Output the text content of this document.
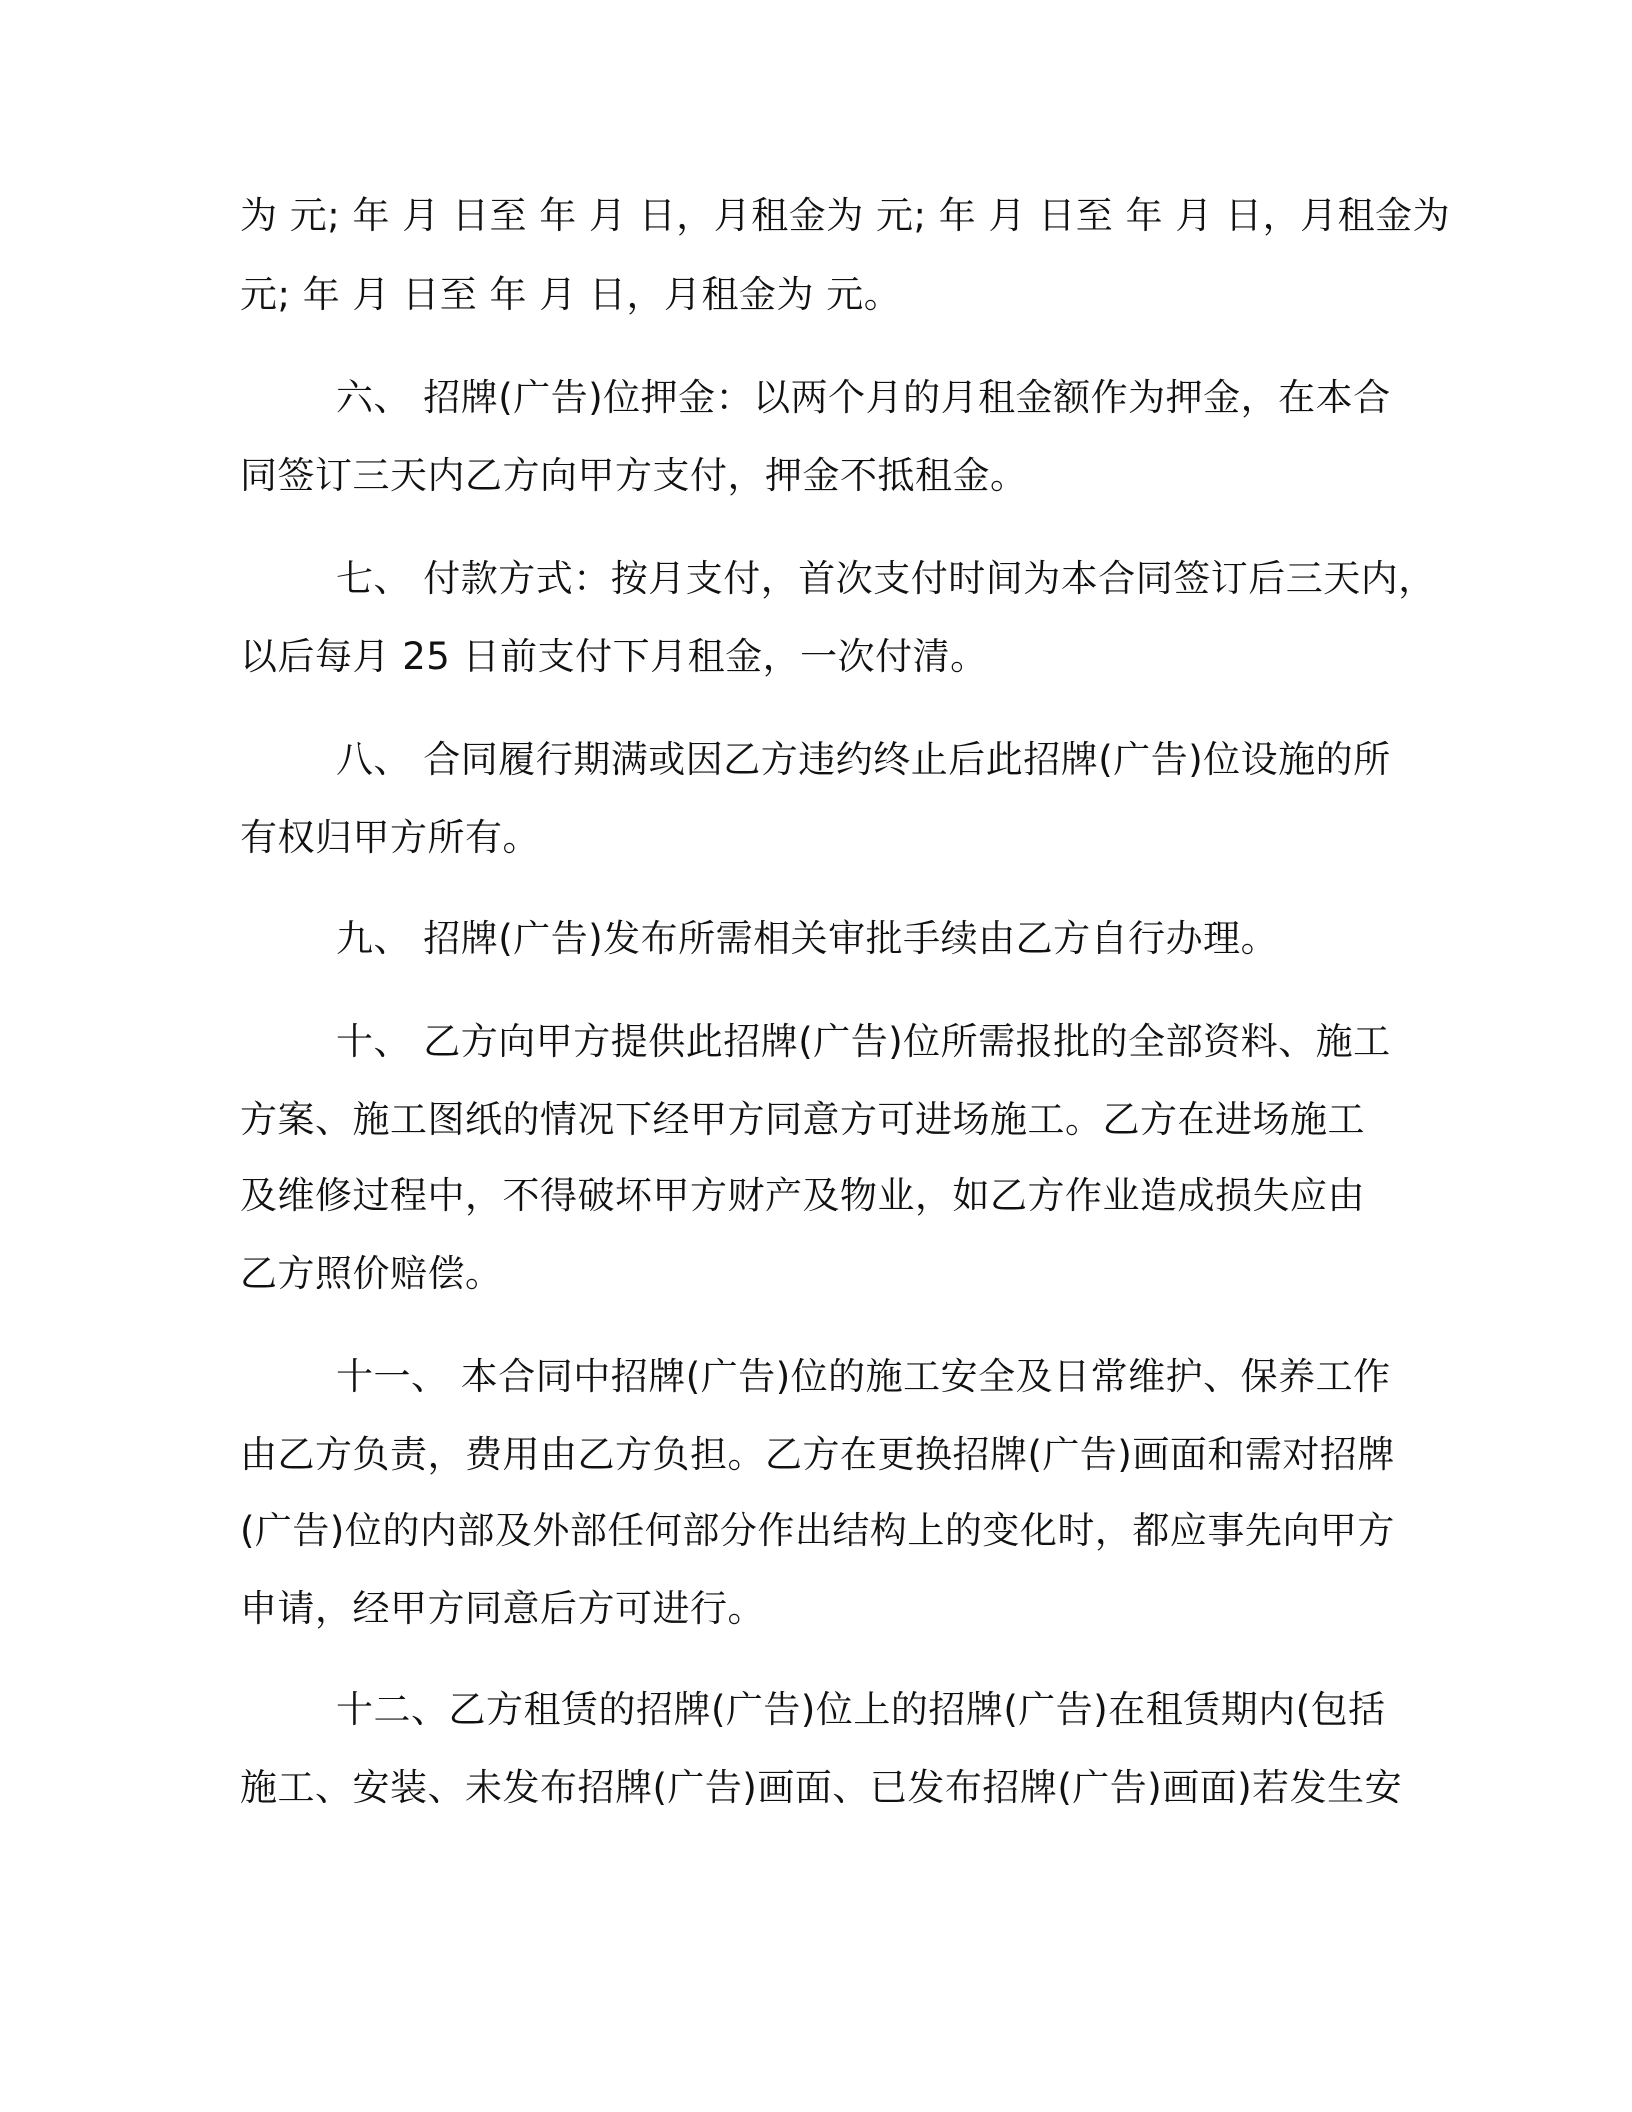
为 元; 年 月 日至 年 月 日，月租金为 元; 年 月 日至 年 月 日，月租金为
元; 年 月 日至 年 月 日，月租金为 元。
六、 招牌(广告)位押金：以两个月的月租金额作为押金，在本合
同签订三天内乙方向甲方支付，押金不抵租金。
七、 付款方式：按月支付，首次支付时间为本合同签订后三天内，
以后每月 25 日前支付下月租金，一次付清。
八、 合同履行期满或因乙方违约终止后此招牌(广告)位设施的所
有权归甲方所有。
九、 招牌(广告)发布所需相关审批手续由乙方自行办理。
十、 乙方向甲方提供此招牌(广告)位所需报批的全部资料、施工
方案、施工图纸的情况下经甲方同意方可进场施工。乙方在进场施工
及维修过程中，不得破坏甲方财产及物业，如乙方作业造成损失应由
乙方照价赔偿。
十一、 本合同中招牌(广告)位的施工安全及日常维护、保养工作
由乙方负责，费用由乙方负担。乙方在更换招牌(广告)画面和需对招牌
(广告)位的内部及外部任何部分作出结构上的变化时，都应事先向甲方
申请，经甲方同意后方可进行。
十二、乙方租赁的招牌(广告)位上的招牌(广告)在租赁期内(包括
施工、安装、未发布招牌(广告)画面、已发布招牌(广告)画面)若发生安
